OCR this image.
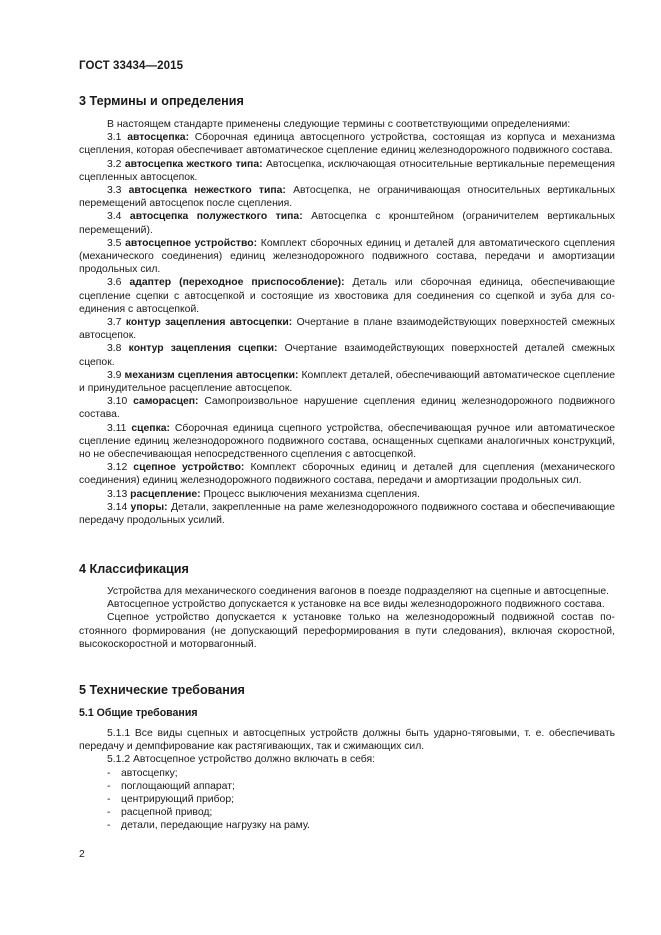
ГОСТ 33434—2015
3 Термины и определения

В настоящем стандарте применены следующие термины с соответствующими определениями:

3.1 автосцепка: Сборочная единица автосцепного устройства, состоящая из корпуса и механизма сцепления, которая обеспечивает автоматическое сцепление единиц железнодорожного подвижного состава.

3.2 автосцепка жесткого типа: Автосцепка, исключающая относительные вертикальные перемещения сцепленных автосцепок.

3.3 автосцепка нежесткого типа: Автосцепка, не ограничивающая относительных вертикальных перемещений автосцепок после сцепления.

3.4 автосцепка полужесткого типа: Автосцепка с кронштейном (ограничителем вертикальных перемещений).

3.5 автосцепное устройство: Комплект сборочных единиц и деталей для автоматического сцепления (механического соединения) единиц железнодорожного подвижного состава, передачи и амортизации продольных сил.

3.6 адаптер (переходное приспособление): Деталь или сборочная единица, обеспечивающие сцепление сцепки с автосцепкой и состоящие из хвостовика для соединения со сцепкой и зуба для соединения с автосцепкой.

3.7 контур зацепления автосцепки: Очертание в плане взаимодействующих поверхностей смежных автосцепок.

3.8 контур зацепления сцепки: Очертание взаимодействующих поверхностей деталей смежных сцепок.

3.9 механизм сцепления автосцепки: Комплект деталей, обеспечивающий автоматическое сцепление и принудительное расцепление автосцепок.

3.10 саморасцеп: Самопроизвольное нарушение сцепления единиц железнодорожного подвижного состава.

3.11 сцепка: Сборочная единица сцепного устройства, обеспечивающая ручное или автоматическое сцепление единиц железнодорожного подвижного состава, оснащенных сцепками аналогичных конструкций, но не обеспечивающая непосредственного сцепления с автосцепкой.

3.12 сцепное устройство: Комплект сборочных единиц и деталей для сцепления (механического соединения) единиц железнодорожного подвижного состава, передачи и амортизации продольных сил.

3.13 расцепление: Процесс выключения механизма сцепления.

3.14 упоры: Детали, закрепленные на раме железнодорожного подвижного состава и обеспечивающие передачу продольных усилий.

4 Классификация

Устройства для механического соединения вагонов в поезде подразделяют на сцепные и автосцепные.

Автосцепное устройство допускается к установке на все виды железнодорожного подвижного состава.

Сцепное устройство допускается к установке только на железнодорожный подвижной состав постоянного формирования (не допускающий переформирования в пути следования), включая скоростной, высокоскоростной и моторвагонный.

5 Технические требования
5.1 Общие требования

5.1.1 Все виды сцепных и автосцепных устройств должны быть ударно-тяговыми, т. е. обеспечивать передачу и демпфирование как растягивающих, так и сжимающих сил.

5.1.2 Автосцепное устройство должно включать в себя:

- автосцепку;
- поглощающий аппарат;
- центрирующий прибор;
- расцепной привод;
- детали, передающие нагрузку на раму.
2
